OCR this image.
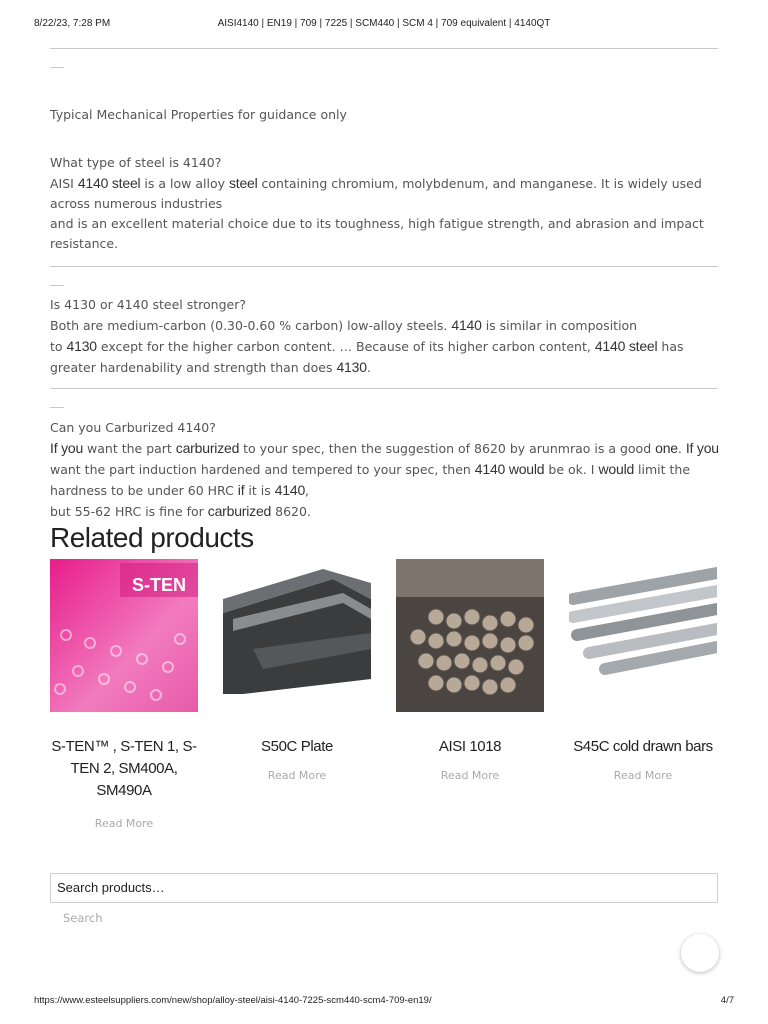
8/22/23, 7:28 PM	AISI4140 | EN19 | 709 | 7225 | SCM440 | SCM 4 | 709 equivalent | 4140QT

Typical Mechanical Properties for guidance only

What type of steel is 4140?

AISI 4140 steel is a low alloy steel containing chromium, molybdenum, and manganese. It is widely used across numerous industries

and is an excellent material choice due to its toughness, high fatigue strength, and abrasion and impact resistance.

Is 4130 or 4140 steel stronger?

Both are medium-carbon (0.30-0.60 % carbon) low-alloy steels. 4140 is similar in composition

to 4130 except for the higher carbon content. … Because of its higher carbon content, 4140 steel has greater hardenability and strength than does 4130.

Can you Carburized 4140?

If you want the part carburized to your spec, then the suggestion of 8620 by arunmrao is a good one. If you want the part induction hardened and tempered to your spec, then 4140 would be ok. I would limit the hardness to be under 60 HRC if it is 4140,

but 55-62 HRC is fine for carburized 8620.

Related products
S-TEN
S-TEN™ , S-TEN 1, S-TEN 2, SM400A, SM490A
Read More
S50C Plate
Read More
AISI 1018
Read More
S45C cold drawn bars
Read More
Search products…
Search
https://www.esteelsuppliers.com/new/shop/alloy-steel/aisi-4140-7225-scm440-scm4-709-en19/	4/7
